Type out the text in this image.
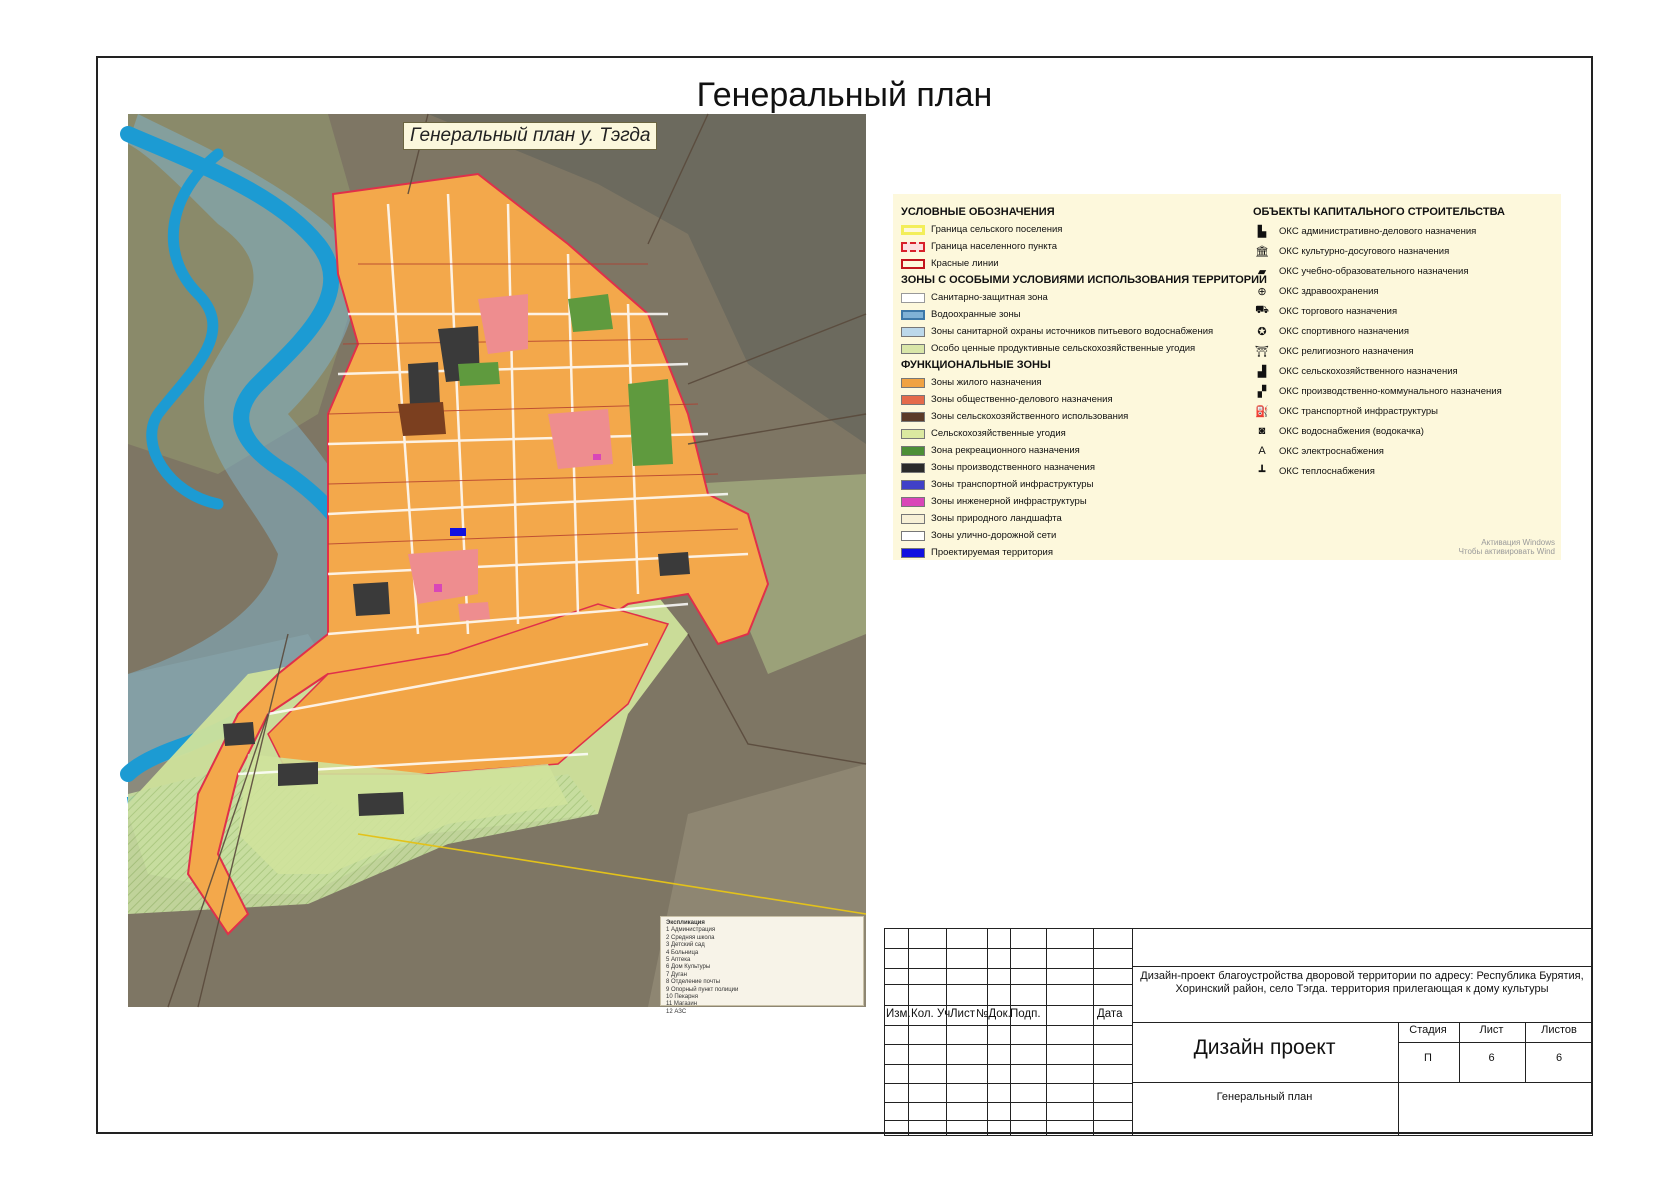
Генеральный план
Генеральный план у. Тэгда
Экспликация
1 Администрация
2 Средняя школа
3 Детский сад
4 Больница
5 Аптека
6 Дом Культуры
7 Дуган
8 Отделение почты
9 Опорный пункт полиции
10 Пекарня
11 Магазин
12 АЗС
УСЛОВНЫЕ ОБОЗНАЧЕНИЯ
Граница сельского поселения
Граница населенного пункта
Красные линии
ЗОНЫ С ОСОБЫМИ УСЛОВИЯМИ ИСПОЛЬЗОВАНИЯ ТЕРРИТОРИИ
Санитарно-защитная зона
Водоохранные зоны
Зоны санитарной охраны источников питьевого водоснабжения
Особо ценные продуктивные сельскохозяйственные угодия
ФУНКЦИОНАЛЬНЫЕ ЗОНЫ
Зоны жилого назначения
Зоны общественно-делового назначения
Зоны сельскохозяйственного использования
Сельскохозяйственные угодия
Зона рекреационного назначения
Зоны производственного назначения
Зоны транспортной инфраструктуры
Зоны инженерной инфраструктуры
Зоны природного ландшафта
Зоны улично-дорожной сети
Проектируемая территория
ОБЪЕКТЫ КАПИТАЛЬНОГО СТРОИТЕЛЬСТВА
▙	ОКС административно-делового назначения
🏛 ОКС культурно-досугового назначения
▰	ОКС учебно-образовательного назначения
⊕	ОКС здравоохранения
⛟ ОКС торгового назначения
✪	ОКС спортивного назначения
⛩ ОКС религиозного назначения
▟	ОКС сельскохозяйственного назначения
▞	ОКС производственно-коммунального назначения
⛽ ОКС транспортной инфраструктуры
◙	ОКС водоснабжения (водокачка)
A	ОКС электроснабжения
┻	ОКС теплоснабжения
Активация Windows
Чтобы активировать Wind
Изм. Кол. Уч Лист №Док. Подп.	Дата
Дизайн-проект благоустройства дворовой территории по адресу: Республика Бурятия, Хоринский район, село Тэгда. территория прилегающая к дому культуры
Дизайн проект
Генеральный план
Стадия	Лист	Листов
П	6	6
